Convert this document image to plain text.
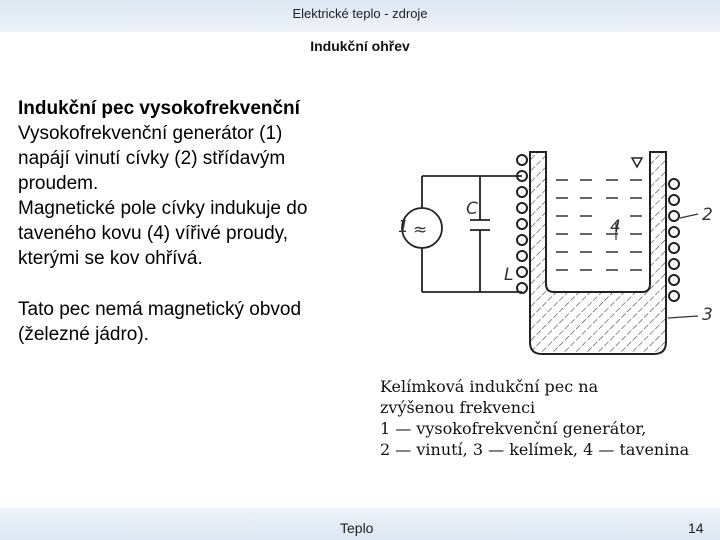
Elektrické teplo - zdroje
Indukční ohřev
Indukční pec vysokofrekvenční
Vysokofrekvenční generátor (1)
napájí vinutí cívky (2) střídavým
proudem.
Magnetické pole cívky indukuje do
taveného kovu (4) vířivé proudy,
kterými se kov ohřívá.
Tato pec nemá magnetický obvod
(železné jádro).
≈
1
C
L
2
3
4
Kelímková indukční pec na
zvýšenou frekvenci
1 — vysokofrekvenční generátor,
2 — vinutí, 3 — kelímek, 4 — tavenina
Teplo	14
